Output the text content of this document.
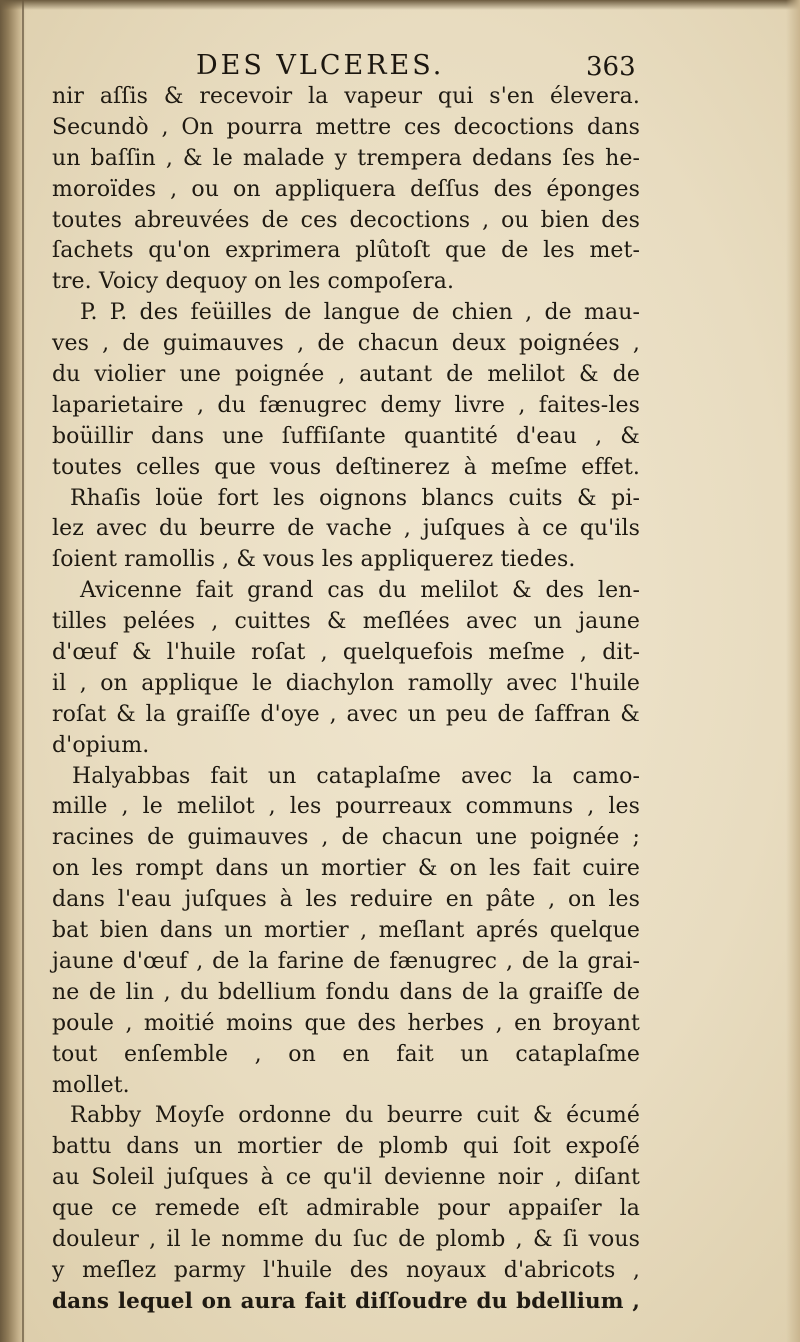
DES VLCERES.	363
nir aſſis & recevoir la vapeur qui s'en élevera.
Secundò , On pourra mettre ces decoctions dans
un baſſin , & le malade y trempera dedans ſes he-
moroïdes , ou on appliquera deſſus des éponges
toutes abreuvées de ces decoctions , ou bien des
ſachets qu'on exprimera plûtoſt que de les met-
tre. Voicy dequoy on les compoſera.
P. P. des feüilles de langue de chien , de mau-
ves , de guimauves , de chacun deux poignées ,
du violier une poignée , autant de melilot & de
laparietaire , du fænugrec demy livre , faites-les
boüillir dans une ſuffiſante quantité d'eau , &
toutes celles que vous deſtinerez à meſme effet.
Rhaſis loüe fort les oignons blancs cuits & pi-
lez avec du beurre de vache , juſques à ce qu'ils
ſoient ramollis , & vous les appliquerez tiedes.
Avicenne fait grand cas du melilot & des len-
tilles pelées , cuittes & meſlées avec un jaune
d'œuf & l'huile roſat , quelquefois meſme , dit-
il , on applique le diachylon ramolly avec l'huile
roſat & la graiſſe d'oye , avec un peu de ſaffran &
d'opium.
Halyabbas fait un cataplaſme avec la camo-
mille , le melilot , les pourreaux communs , les
racines de guimauves , de chacun une poignée ;
on les rompt dans un mortier & on les fait cuire
dans l'eau juſques à les reduire en pâte , on les
bat bien dans un mortier , meſlant aprés quelque
jaune d'œuf , de la farine de fænugrec , de la grai-
ne de lin , du bdellium fondu dans de la graiſſe de
poule , moitié moins que des herbes , en broyant
tout enſemble , on en fait un cataplaſme
mollet.
Rabby Moyſe ordonne du beurre cuit & écumé
battu dans un mortier de plomb qui ſoit expoſé
au Soleil juſques à ce qu'il devienne noir , diſant
que ce remede eſt admirable pour appaiſer la
douleur , il le nomme du ſuc de plomb , & ſi vous
y meſlez parmy l'huile des noyaux d'abricots ,
dans lequel on aura fait diſſoudre du bdellium ,
